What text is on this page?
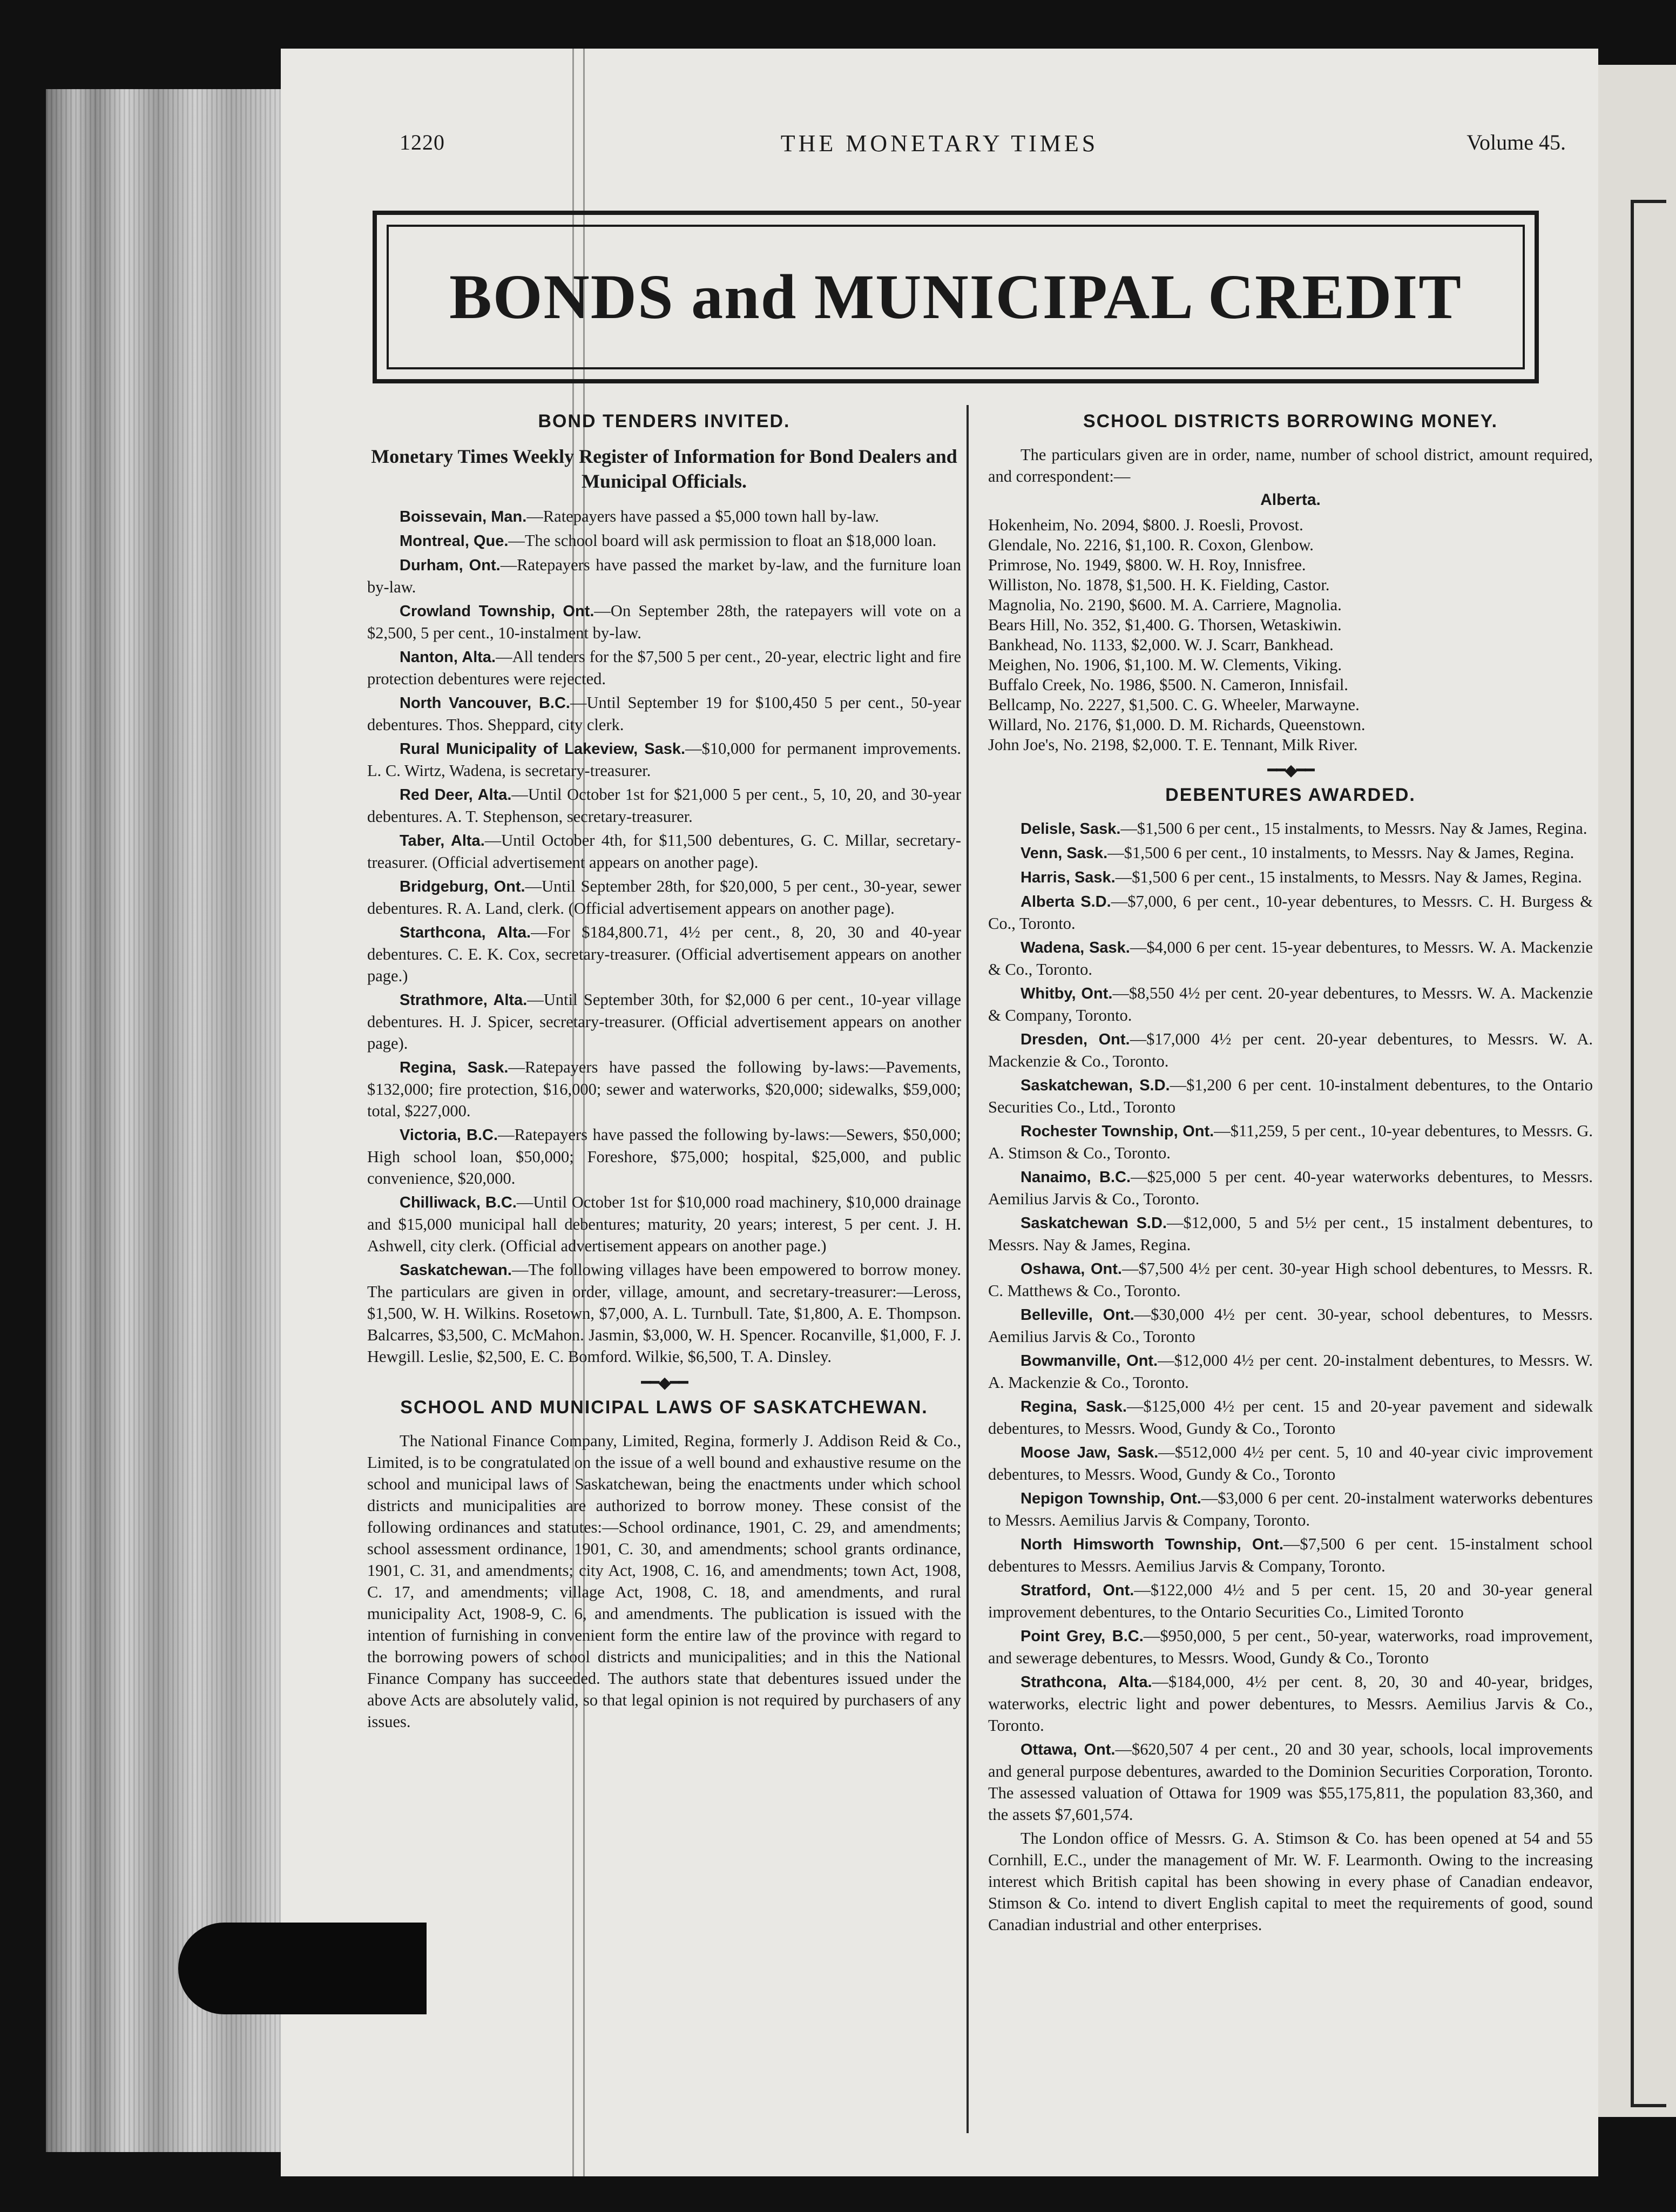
1220	THE MONETARY TIMES	Volume 45.
BONDS and MUNICIPAL CREDIT
BOND TENDERS INVITED.
Monetary Times Weekly Register of Information for Bond Dealers and Municipal Officials.

Boissevain, Man.—Ratepayers have passed a $5,000 town hall by-law.

Montreal, Que.—The school board will ask permission to float an $18,000 loan.

Durham, Ont.—Ratepayers have passed the market by-law, and the furniture loan by-law.

Crowland Township, Ont.—On September 28th, the ratepayers will vote on a $2,500, 5 per cent., 10-instalment by-law.

Nanton, Alta.—All tenders for the $7,500 5 per cent., 20-year, electric light and fire protection debentures were rejected.

North Vancouver, B.C.—Until September 19 for $100,450 5 per cent., 50-year debentures. Thos. Sheppard, city clerk.

Rural Municipality of Lakeview, Sask.—$10,000 for permanent improvements. L. C. Wirtz, Wadena, is secretary-treasurer.

Red Deer, Alta.—Until October 1st for $21,000 5 per cent., 5, 10, 20, and 30-year debentures. A. T. Stephenson, secretary-treasurer.

Taber, Alta.—Until October 4th, for $11,500 debentures, G. C. Millar, secretary-treasurer. (Official advertisement appears on another page).

Bridgeburg, Ont.—Until September 28th, for $20,000, 5 per cent., 30-year, sewer debentures. R. A. Land, clerk. (Official advertisement appears on another page).

Starthcona, Alta.—For $184,800.71, 4½ per cent., 8, 20, 30 and 40-year debentures. C. E. K. Cox, secretary-treasurer. (Official advertisement appears on another page.)

Strathmore, Alta.—Until September 30th, for $2,000 6 per cent., 10-year village debentures. H. J. Spicer, secretary-treasurer. (Official advertisement appears on another page).

Regina, Sask.—Ratepayers have passed the following by-laws:—Pavements, $132,000; fire protection, $16,000; sewer and waterworks, $20,000; sidewalks, $59,000; total, $227,000.

Victoria, B.C.—Ratepayers have passed the following by-laws:—Sewers, $50,000; High school loan, $50,000; Foreshore, $75,000; hospital, $25,000, and public convenience, $20,000.

Chilliwack, B.C.—Until October 1st for $10,000 road machinery, $10,000 drainage and $15,000 municipal hall debentures; maturity, 20 years; interest, 5 per cent. J. H. Ashwell, city clerk. (Official advertisement appears on another page.)

Saskatchewan.—The following villages have been empowered to borrow money. The particulars are given in order, village, amount, and secretary-treasurer:—Leross, $1,500, W. H. Wilkins. Rosetown, $7,000, A. L. Turnbull. Tate, $1,800, A. E. Thompson. Balcarres, $3,500, C. McMahon. Jasmin, $3,000, W. H. Spencer. Rocanville, $1,000, F. J. Hewgill. Leslie, $2,500, E. C. Bomford. Wilkie, $6,500, T. A. Dinsley.

━━◆━━
SCHOOL AND MUNICIPAL LAWS OF SASKATCHEWAN.

The National Finance Company, Limited, Regina, formerly J. Addison Reid & Co., Limited, is to be congratulated on the issue of a well bound and exhaustive resume on the school and municipal laws of Saskatchewan, being the enactments under which school districts and municipalities are authorized to borrow money. These consist of the following ordinances and statutes:—School ordinance, 1901, C. 29, and amendments; school assessment ordinance, 1901, C. 30, and amendments; school grants ordinance, 1901, C. 31, and amendments; city Act, 1908, C. 16, and amendments; town Act, 1908, C. 17, and amendments; village Act, 1908, C. 18, and amendments, and rural municipality Act, 1908-9, C. 6, and amendments. The publication is issued with the intention of furnishing in convenient form the entire law of the province with regard to the borrowing powers of school districts and municipalities; and in this the National Finance Company has succeeded. The authors state that debentures issued under the above Acts are absolutely valid, so that legal opinion is not required by purchasers of any issues.

SCHOOL DISTRICTS BORROWING MONEY.

The particulars given are in order, name, number of school district, amount required, and correspondent:—

Alberta.

Hokenheim, No. 2094, $800. J. Roesli, Provost.

Glendale, No. 2216, $1,100. R. Coxon, Glenbow.

Primrose, No. 1949, $800. W. H. Roy, Innisfree.

Williston, No. 1878, $1,500. H. K. Fielding, Castor.

Magnolia, No. 2190, $600. M. A. Carriere, Magnolia.

Bears Hill, No. 352, $1,400. G. Thorsen, Wetaskiwin.

Bankhead, No. 1133, $2,000. W. J. Scarr, Bankhead.

Meighen, No. 1906, $1,100. M. W. Clements, Viking.

Buffalo Creek, No. 1986, $500. N. Cameron, Innisfail.

Bellcamp, No. 2227, $1,500. C. G. Wheeler, Marwayne.

Willard, No. 2176, $1,000. D. M. Richards, Queenstown.

John Joe's, No. 2198, $2,000. T. E. Tennant, Milk River.

━━◆━━
DEBENTURES AWARDED.

Delisle, Sask.—$1,500 6 per cent., 15 instalments, to Messrs. Nay & James, Regina.

Venn, Sask.—$1,500 6 per cent., 10 instalments, to Messrs. Nay & James, Regina.

Harris, Sask.—$1,500 6 per cent., 15 instalments, to Messrs. Nay & James, Regina.

Alberta S.D.—$7,000, 6 per cent., 10-year debentures, to Messrs. C. H. Burgess & Co., Toronto.

Wadena, Sask.—$4,000 6 per cent. 15-year debentures, to Messrs. W. A. Mackenzie & Co., Toronto.

Whitby, Ont.—$8,550 4½ per cent. 20-year debentures, to Messrs. W. A. Mackenzie & Company, Toronto.

Dresden, Ont.—$17,000 4½ per cent. 20-year debentures, to Messrs. W. A. Mackenzie & Co., Toronto.

Saskatchewan, S.D.—$1,200 6 per cent. 10-instalment debentures, to the Ontario Securities Co., Ltd., Toronto

Rochester Township, Ont.—$11,259, 5 per cent., 10-year debentures, to Messrs. G. A. Stimson & Co., Toronto.

Nanaimo, B.C.—$25,000 5 per cent. 40-year waterworks debentures, to Messrs. Aemilius Jarvis & Co., Toronto.

Saskatchewan S.D.—$12,000, 5 and 5½ per cent., 15 instalment debentures, to Messrs. Nay & James, Regina.

Oshawa, Ont.—$7,500 4½ per cent. 30-year High school debentures, to Messrs. R. C. Matthews & Co., Toronto.

Belleville, Ont.—$30,000 4½ per cent. 30-year, school debentures, to Messrs. Aemilius Jarvis & Co., Toronto

Bowmanville, Ont.—$12,000 4½ per cent. 20-instalment debentures, to Messrs. W. A. Mackenzie & Co., Toronto.

Regina, Sask.—$125,000 4½ per cent. 15 and 20-year pavement and sidewalk debentures, to Messrs. Wood, Gundy & Co., Toronto

Moose Jaw, Sask.—$512,000 4½ per cent. 5, 10 and 40-year civic improvement debentures, to Messrs. Wood, Gundy & Co., Toronto

Nepigon Township, Ont.—$3,000 6 per cent. 20-instalment waterworks debentures to Messrs. Aemilius Jarvis & Company, Toronto.

North Himsworth Township, Ont.—$7,500 6 per cent. 15-instalment school debentures to Messrs. Aemilius Jarvis & Company, Toronto.

Stratford, Ont.—$122,000 4½ and 5 per cent. 15, 20 and 30-year general improvement debentures, to the Ontario Securities Co., Limited Toronto

Point Grey, B.C.—$950,000, 5 per cent., 50-year, waterworks, road improvement, and sewerage debentures, to Messrs. Wood, Gundy & Co., Toronto

Strathcona, Alta.—$184,000, 4½ per cent. 8, 20, 30 and 40-year, bridges, waterworks, electric light and power debentures, to Messrs. Aemilius Jarvis & Co., Toronto.

Ottawa, Ont.—$620,507 4 per cent., 20 and 30 year, schools, local improvements and general purpose debentures, awarded to the Dominion Securities Corporation, Toronto. The assessed valuation of Ottawa for 1909 was $55,175,811, the population 83,360, and the assets $7,601,574.

The London office of Messrs. G. A. Stimson & Co. has been opened at 54 and 55 Cornhill, E.C., under the management of Mr. W. F. Learmonth. Owing to the increasing interest which British capital has been showing in every phase of Canadian endeavor, Stimson & Co. intend to divert English capital to meet the requirements of good, sound Canadian industrial and other enterprises.
